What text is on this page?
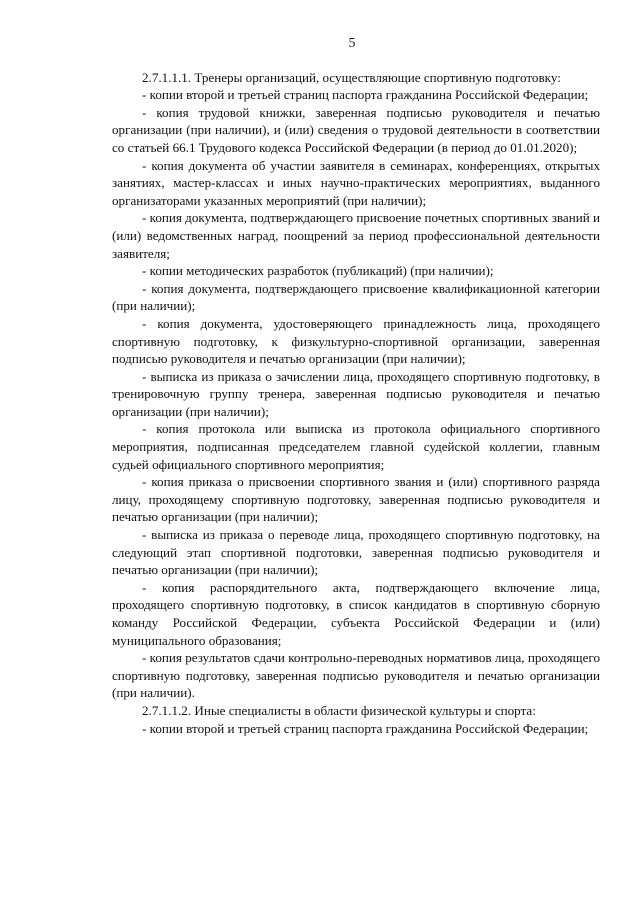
5

2.7.1.1.1. Тренеры организаций, осуществляющие спортивную подготовку:

- копии второй и третьей страниц паспорта гражданина Российской Федерации;

- копия трудовой книжки, заверенная подписью руководителя и печатью организации (при наличии), и (или) сведения о трудовой деятельности в соответствии со статьей 66.1 Трудового кодекса Российской Федерации (в период до 01.01.2020);

- копия документа об участии заявителя в семинарах, конференциях, открытых занятиях, мастер-классах и иных научно-практических мероприятиях, выданного организаторами указанных мероприятий (при наличии);

- копия документа, подтверждающего присвоение почетных спортивных званий и (или) ведомственных наград, поощрений за период профессиональной деятельности заявителя;

- копии методических разработок (публикаций) (при наличии);

- копия документа, подтверждающего присвоение квалификационной категории (при наличии);

- копия документа, удостоверяющего принадлежность лица, проходящего спортивную подготовку, к физкультурно-спортивной организации, заверенная подписью руководителя и печатью организации (при наличии);

- выписка из приказа о зачислении лица, проходящего спортивную подготовку, в тренировочную группу тренера, заверенная подписью руководителя и печатью организации (при наличии);

- копия протокола или выписка из протокола официального спортивного мероприятия, подписанная председателем главной судейской коллегии, главным судьей официального спортивного мероприятия;

- копия приказа о присвоении спортивного звания и (или) спортивного разряда лицу, проходящему спортивную подготовку, заверенная подписью руководителя и печатью организации (при наличии);

- выписка из приказа о переводе лица, проходящего спортивную подготовку, на следующий этап спортивной подготовки, заверенная подписью руководителя и печатью организации (при наличии);

- копия распорядительного акта, подтверждающего включение лица, проходящего спортивную подготовку, в список кандидатов в спортивную сборную команду Российской Федерации, субъекта Российской Федерации и (или) муниципального образования;

- копия результатов сдачи контрольно-переводных нормативов лица, проходящего спортивную подготовку, заверенная подписью руководителя и печатью организации (при наличии).

2.7.1.1.2. Иные специалисты в области физической культуры и спорта:

- копии второй и третьей страниц паспорта гражданина Российской Федерации;
